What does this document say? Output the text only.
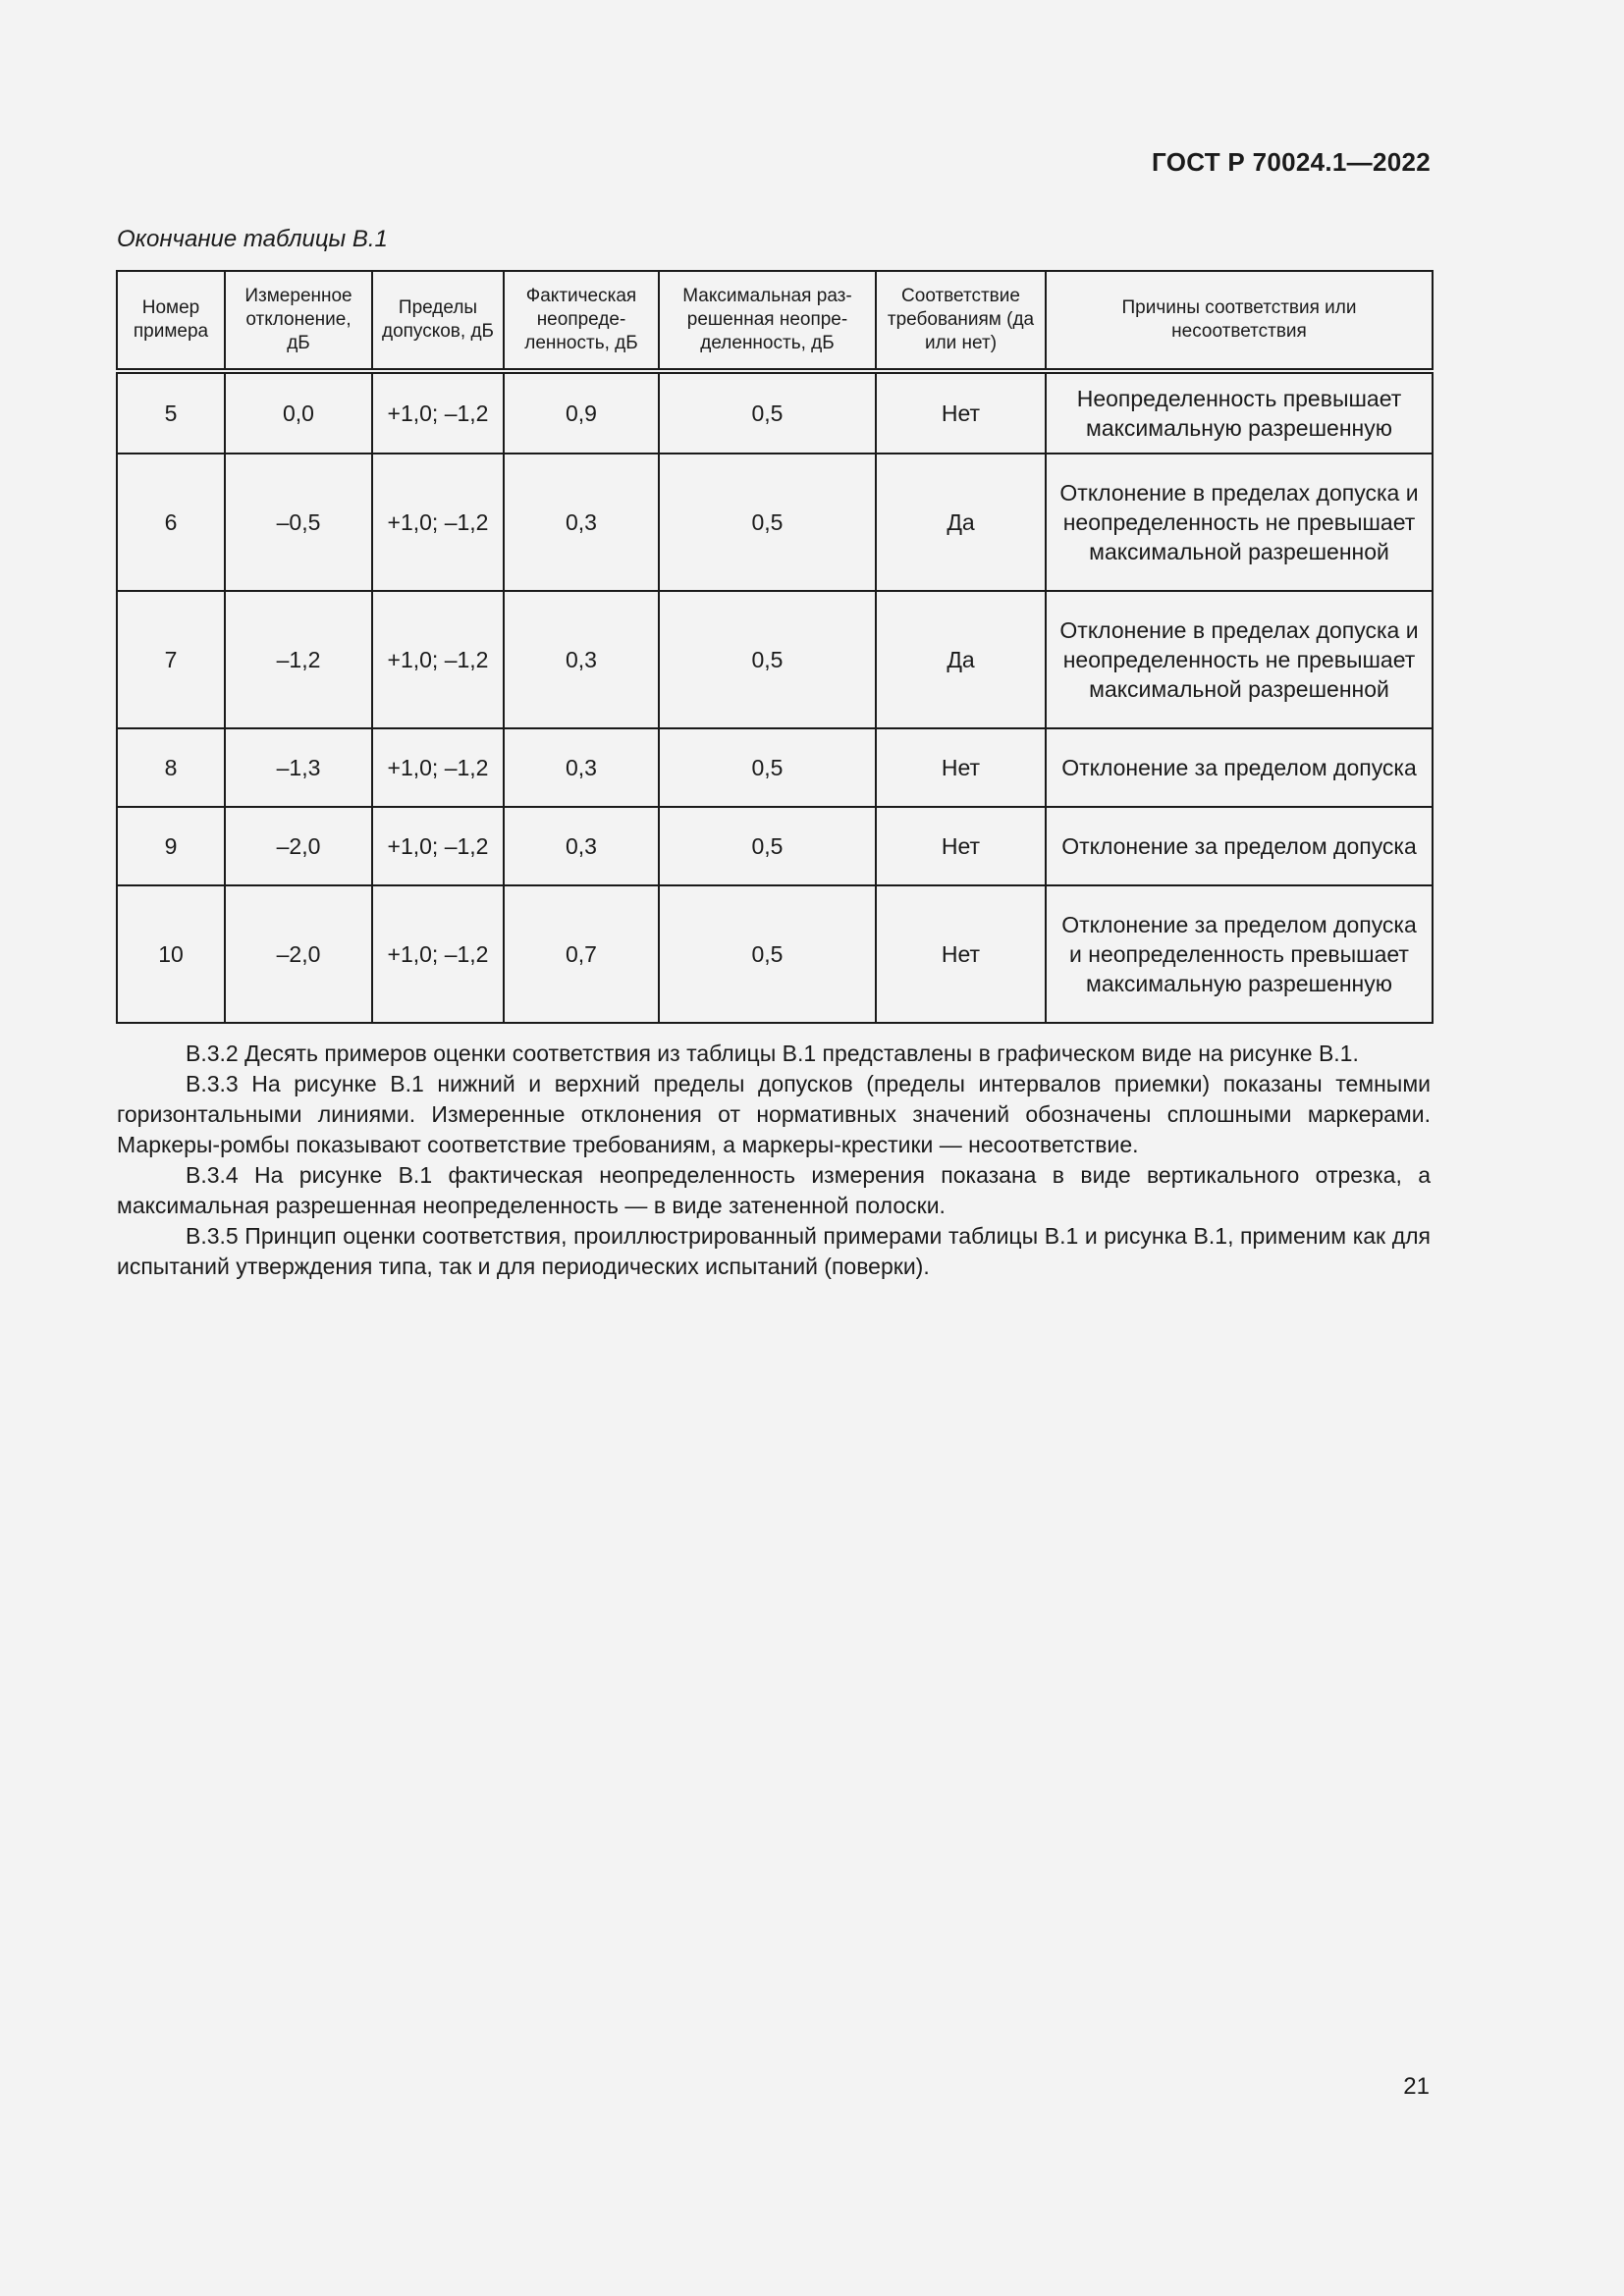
ГОСТ Р 70024.1—2022
Окончание таблицы В.1
Номер примера	Измеренное отклонение, дБ	Пределы допусков, дБ	Фактическая неопреде-ленность, дБ	Максимальная раз-решенная неопре-деленность, дБ	Соответствие требованиям (да или нет)	Причины соответствия или несоответствия
5	0,0	+1,0; –1,2	0,9	0,5	Нет	Неопределенность превышает максимальную разрешенную
6	–0,5	+1,0; –1,2	0,3	0,5	Да	Отклонение в пределах допуска и неопределенность не превышает максимальной разрешенной
7	–1,2	+1,0; –1,2	0,3	0,5	Да	Отклонение в пределах допуска и неопределенность не превышает максимальной разрешенной
8	–1,3	+1,0; –1,2	0,3	0,5	Нет	Отклонение за пределом допуска
9	–2,0	+1,0; –1,2	0,3	0,5	Нет	Отклонение за пределом допуска
10	–2,0	+1,0; –1,2	0,7	0,5	Нет	Отклонение за пределом допуска и неопределенность превышает максимальную разрешенную

В.3.2 Десять примеров оценки соответствия из таблицы В.1 представлены в графическом виде на рисунке В.1.

В.3.3 На рисунке В.1 нижний и верхний пределы допусков (пределы интервалов приемки) показаны темными горизонтальными линиями. Измеренные отклонения от нормативных значений обозначены сплошными маркерами. Маркеры-ромбы показывают соответствие требованиям, а маркеры-крестики — несоответствие.

В.3.4 На рисунке В.1 фактическая неопределенность измерения показана в виде вертикального отрезка, а максимальная разрешенная неопределенность — в виде затененной полоски.

В.3.5 Принцип оценки соответствия, проиллюстрированный примерами таблицы В.1 и рисунка В.1, применим как для испытаний утверждения типа, так и для периодических испытаний (поверки).

21
